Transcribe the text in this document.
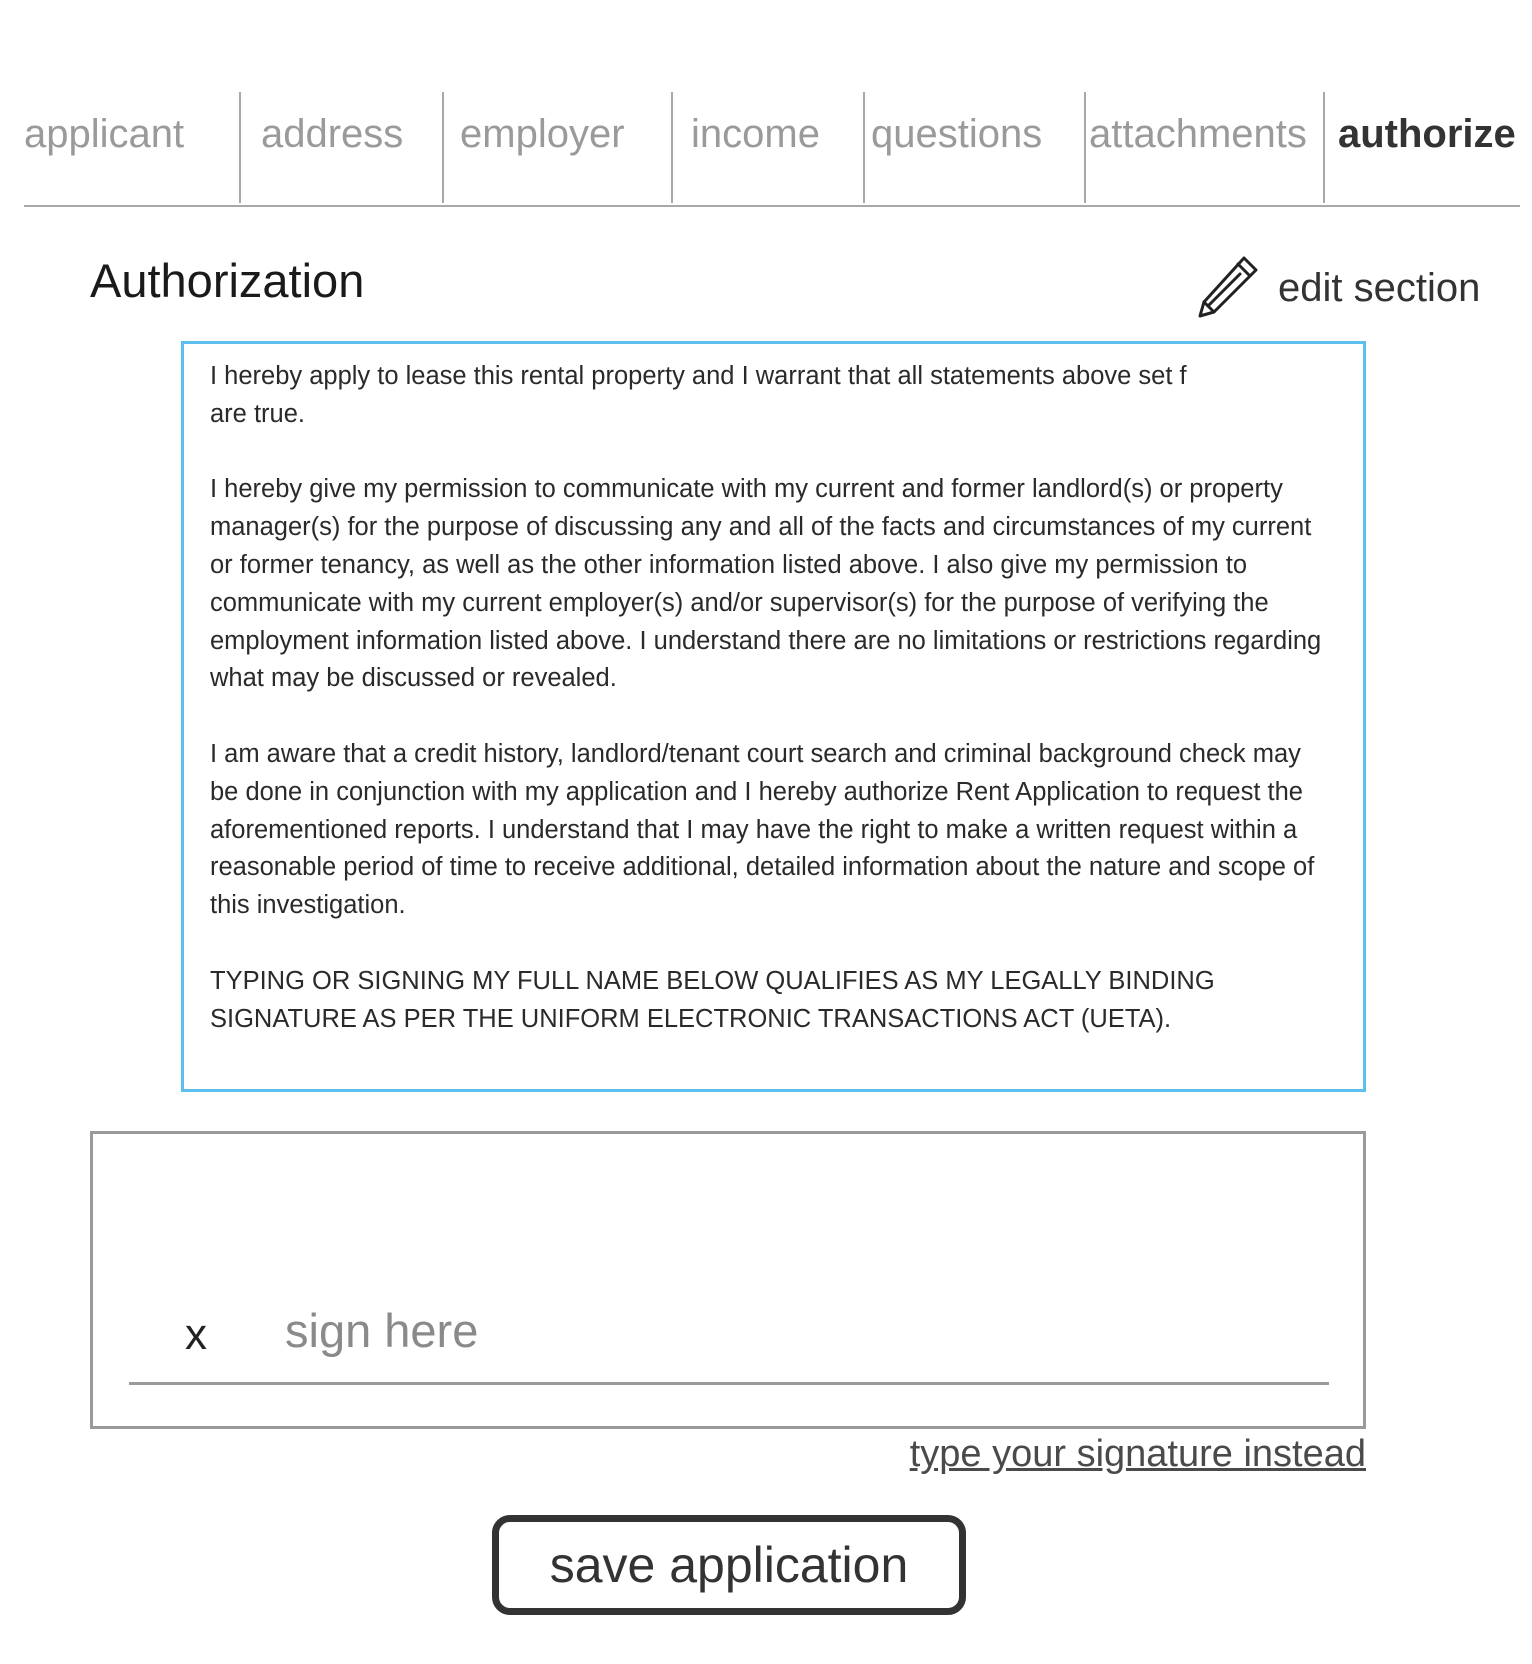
applicant	address	employer	income	questions	attachments authorize
Authorization	edit section

I hereby apply to lease this rental property and I warrant that all statements above set f
are true.

I hereby give my permission to communicate with my current and former landlord(s) or property manager(s) for the purpose of discussing any and all of the facts and circumstances of my current or former tenancy, as well as the other information listed above. I also give my permission to communicate with my current employer(s) and/or supervisor(s) for the purpose of verifying the employment information listed above. I understand there are no limitations or restrictions regarding what may be discussed or revealed.

I am aware that a credit history, landlord/tenant court search and criminal background check may be done in conjunction with my application and I hereby authorize Rent Application to request the aforementioned reports. I understand that I may have the right to make a written request within a reasonable period of time to receive additional, detailed information about the nature and scope of this investigation.

TYPING OR SIGNING MY FULL NAME BELOW QUALIFIES AS MY LEGALLY BINDING SIGNATURE AS PER THE UNIFORM ELECTRONIC TRANSACTIONS ACT (UETA).

x sign here
type your signature instead
save application
